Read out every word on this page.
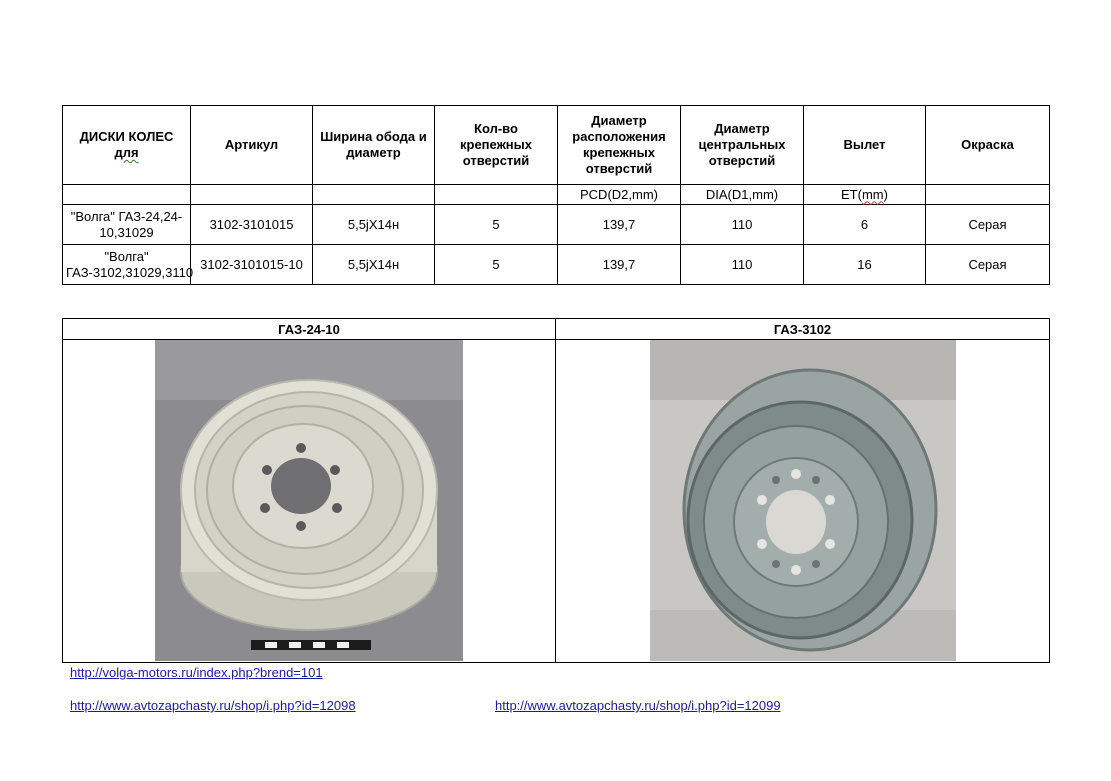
ДИСКИ КОЛЕС
для	Артикул	Ширина обода и диаметр	Кол-во крепежных отверстий	Диаметр расположения крепежных отверстий	Диаметр центральных отверстий	Вылет	Окраска
				PCD(D2,mm)	DIA(D1,mm)	ET(mm)	
"Волга" ГАЗ-24,24-10,31029	3102-3101015	5,5jX14н	5	139,7	110	6	Серая
"Волга" ГАЗ-3102,31029,3110	3102-3101015-10	5,5jX14н	5	139,7	110	16	Серая
ГАЗ-24-10	ГАЗ-3102

http://volga-motors.ru/index.php?brend=101
http://www.avtozapchasty.ru/shop/i.php?id=12098	http://www.avtozapchasty.ru/shop/i.php?id=12099
